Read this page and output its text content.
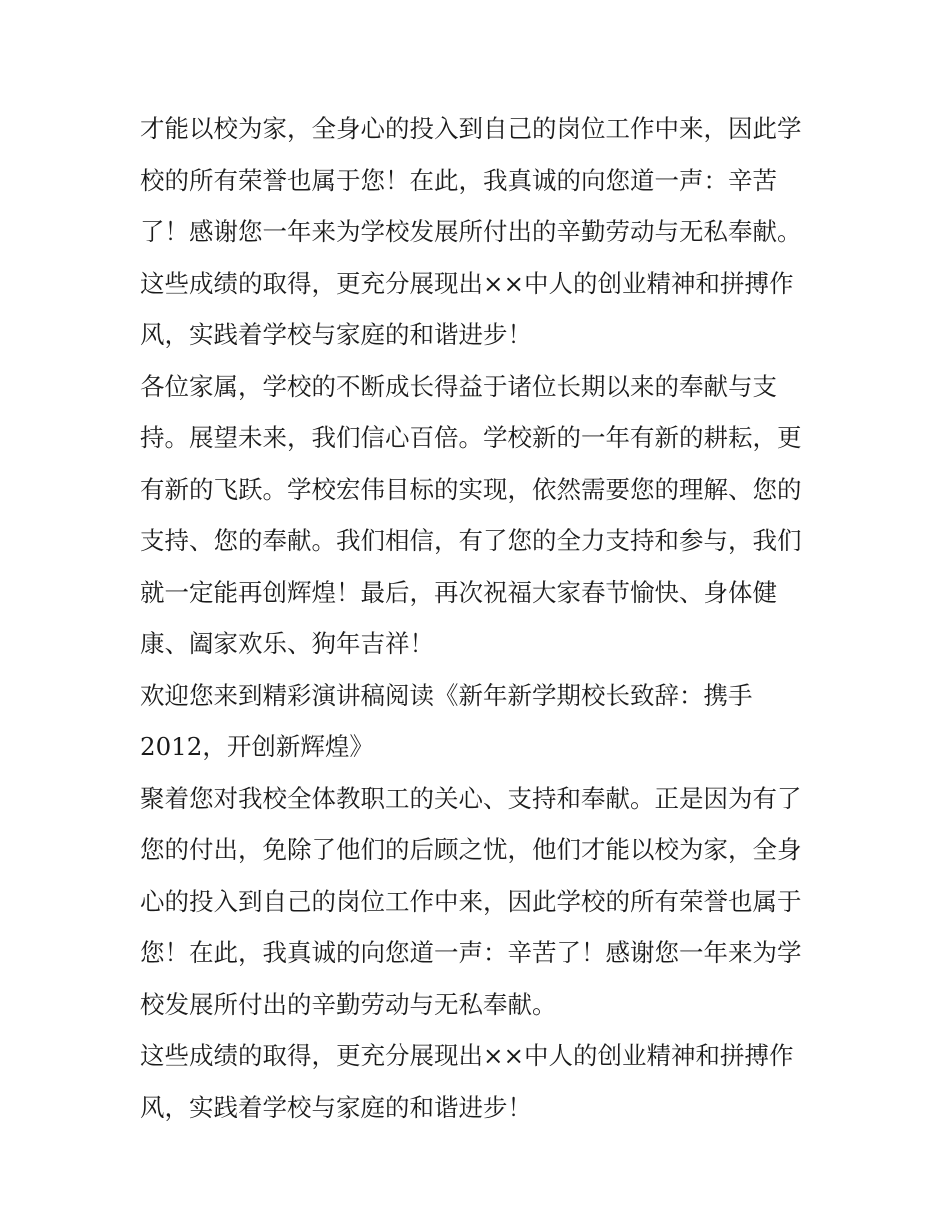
才能以校为家，全身心的投入到自己的岗位工作中来，因此学
校的所有荣誉也属于您！在此，我真诚的向您道一声：辛苦
了！感谢您一年来为学校发展所付出的辛勤劳动与无私奉献。
这些成绩的取得，更充分展现出××中人的创业精神和拼搏作
风，实践着学校与家庭的和谐进步！
各位家属，学校的不断成长得益于诸位长期以来的奉献与支
持。展望未来，我们信心百倍。学校新的一年有新的耕耘，更
有新的飞跃。学校宏伟目标的实现，依然需要您的理解、您的
支持、您的奉献。我们相信，有了您的全力支持和参与，我们
就一定能再创辉煌！最后，再次祝福大家春节愉快、身体健
康、阖家欢乐、狗年吉祥！
欢迎您来到精彩演讲稿阅读《新年新学期校长致辞：携手
2012，开创新辉煌》
聚着您对我校全体教职工的关心、支持和奉献。正是因为有了
您的付出，免除了他们的后顾之忧，他们才能以校为家，全身
心的投入到自己的岗位工作中来，因此学校的所有荣誉也属于
您！在此，我真诚的向您道一声：辛苦了！感谢您一年来为学
校发展所付出的辛勤劳动与无私奉献。
这些成绩的取得，更充分展现出××中人的创业精神和拼搏作
风，实践着学校与家庭的和谐进步！
